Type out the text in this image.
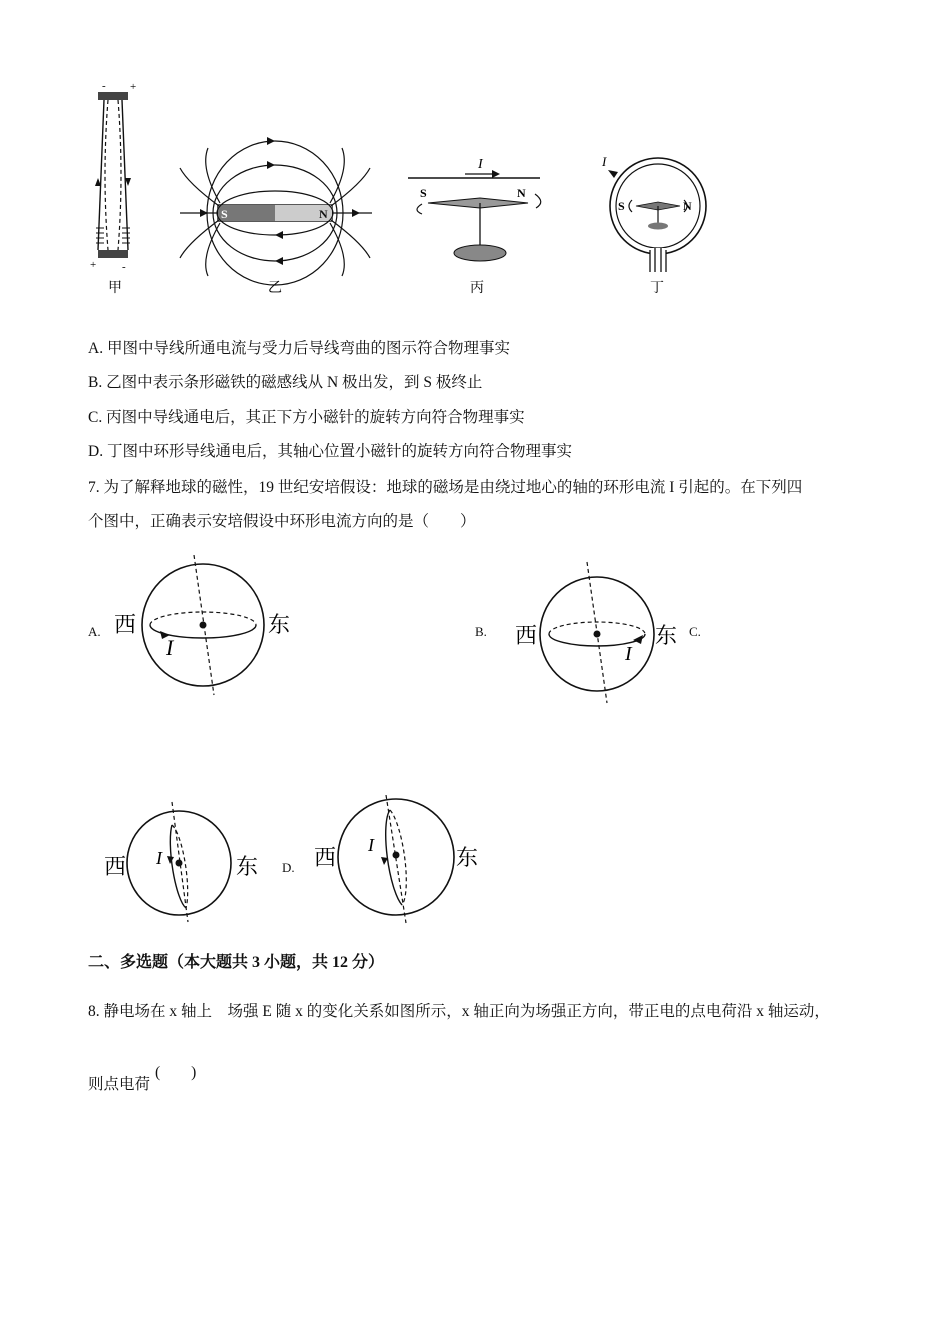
- +
+ -
甲
S	N
乙
I
S	N
丙
I
S	N
丁
A. 甲图中导线所通电流与受力后导线弯曲的图示符合物理事实
B. 乙图中表示条形磁铁的磁感线从 N 极出发，到 S 极终止
C. 丙图中导线通电后，其正下方小磁针的旋转方向符合物理事实
D. 丁图中环形导线通电后，其轴心位置小磁针的旋转方向符合物理事实
7. 为了解释地球的磁性，19 世纪安培假设：地球的磁场是由绕过地心的轴的环形电流 I 引起的。在下列四
个图中，正确表示安培假设中环形电流方向的是（　　）
A. 西	东
I
B. 西	东
I
C.
西	东
I	D. 西	东
I
二、多选题（本大题共 3 小题，共 12 分）
8. 静电场在 x 轴上　场强 E 随 x 的变化关系如图所示，x 轴正向为场强正方向，带正电的点电荷沿 x 轴运动，
则点电荷
(　　)
